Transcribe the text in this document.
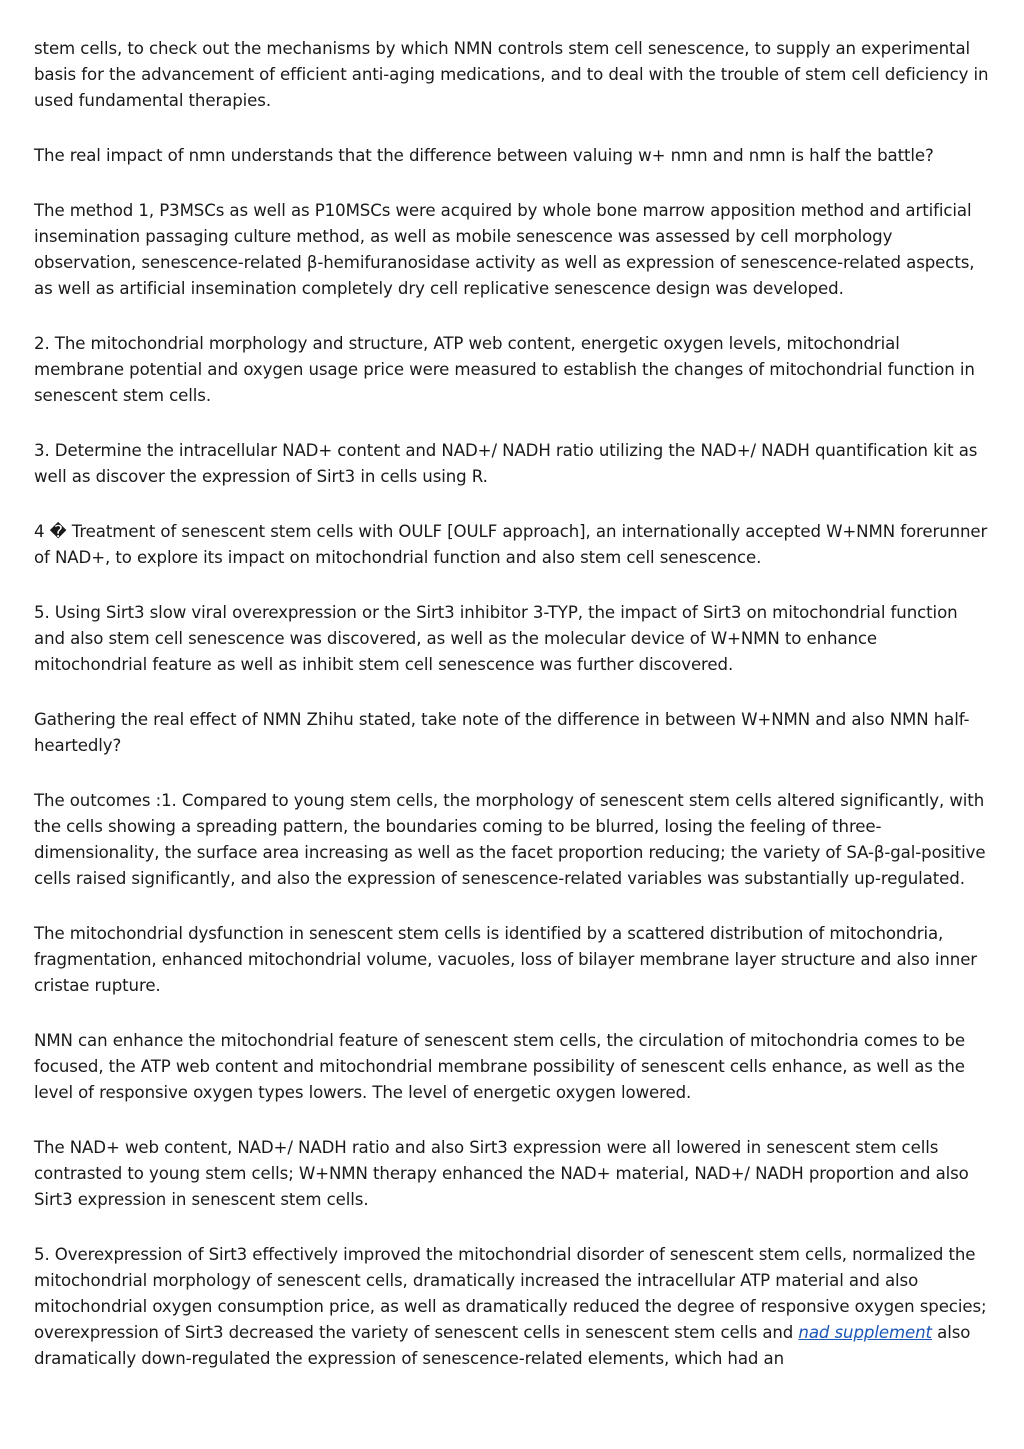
stem cells, to check out the mechanisms by which NMN controls stem cell senescence, to supply an experimental basis for the advancement of efficient anti-aging medications, and to deal with the trouble of stem cell deficiency in used fundamental therapies.

The real impact of nmn understands that the difference between valuing w+ nmn and nmn is half the battle?

The method 1, P3MSCs as well as P10MSCs were acquired by whole bone marrow apposition method and artificial insemination passaging culture method, as well as mobile senescence was assessed by cell morphology observation, senescence-related β-hemifuranosidase activity as well as expression of senescence-related aspects, as well as artificial insemination completely dry cell replicative senescence design was developed.

2. The mitochondrial morphology and structure, ATP web content, energetic oxygen levels, mitochondrial membrane potential and oxygen usage price were measured to establish the changes of mitochondrial function in senescent stem cells.

3. Determine the intracellular NAD+ content and NAD+/ NADH ratio utilizing the NAD+/ NADH quantification kit as well as discover the expression of Sirt3 in cells using R.

4 � Treatment of senescent stem cells with OULF [OULF approach], an internationally accepted W+NMN forerunner of NAD+, to explore its impact on mitochondrial function and also stem cell senescence.

5. Using Sirt3 slow viral overexpression or the Sirt3 inhibitor 3-TYP, the impact of Sirt3 on mitochondrial function and also stem cell senescence was discovered, as well as the molecular device of W+NMN to enhance mitochondrial feature as well as inhibit stem cell senescence was further discovered.

Gathering the real effect of NMN Zhihu stated, take note of the difference in between W+NMN and also NMN half-heartedly?

The outcomes :1. Compared to young stem cells, the morphology of senescent stem cells altered significantly, with the cells showing a spreading pattern, the boundaries coming to be blurred, losing the feeling of three-dimensionality, the surface area increasing as well as the facet proportion reducing; the variety of SA-β-gal-positive cells raised significantly, and also the expression of senescence-related variables was substantially up-regulated.

The mitochondrial dysfunction in senescent stem cells is identified by a scattered distribution of mitochondria, fragmentation, enhanced mitochondrial volume, vacuoles, loss of bilayer membrane layer structure and also inner cristae rupture.

NMN can enhance the mitochondrial feature of senescent stem cells, the circulation of mitochondria comes to be focused, the ATP web content and mitochondrial membrane possibility of senescent cells enhance, as well as the level of responsive oxygen types lowers. The level of energetic oxygen lowered.

The NAD+ web content, NAD+/ NADH ratio and also Sirt3 expression were all lowered in senescent stem cells contrasted to young stem cells; W+NMN therapy enhanced the NAD+ material, NAD+/ NADH proportion and also Sirt3 expression in senescent stem cells.

5. Overexpression of Sirt3 effectively improved the mitochondrial disorder of senescent stem cells, normalized the mitochondrial morphology of senescent cells, dramatically increased the intracellular ATP material and also mitochondrial oxygen consumption price, as well as dramatically reduced the degree of responsive oxygen species; overexpression of Sirt3 decreased the variety of senescent cells in senescent stem cells and nad supplement also dramatically down-regulated the expression of senescence-related elements, which had an
